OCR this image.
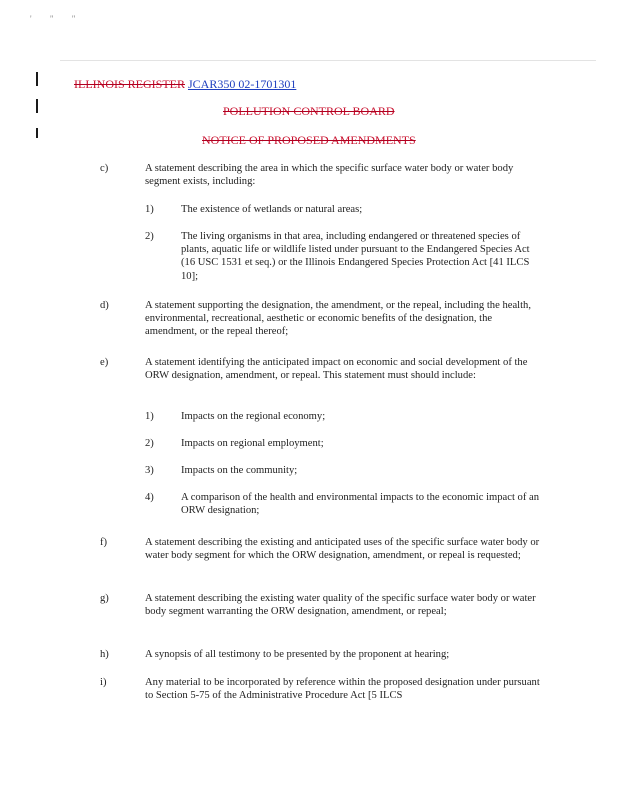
' " "
ILLINOIS REGISTER JCAR350 02-1701301
POLLUTION CONTROL BOARD
NOTICE OF PROPOSED AMENDMENTS
c)	A statement describing the area in which the specific surface water body or water body segment exists, including:
1)	The existence of wetlands or natural areas;
2)	The living organisms in that area, including endangered or threatened species of plants, aquatic life or wildlife listed under pursuant to the Endangered Species Act (16 USC 1531 et seq.) or the Illinois Endangered Species Protection Act [41 ILCS 10];
d)	A statement supporting the designation, the amendment, or the repeal, including the health, environmental, recreational, aesthetic or economic benefits of the designation, the amendment, or the repeal thereof;
e)	A statement identifying the anticipated impact on economic and social development of the ORW designation, amendment, or repeal. This statement must should include:
1)	Impacts on the regional economy;
2)	Impacts on regional employment;
3)	Impacts on the community;
4)	A comparison of the health and environmental impacts to the economic impact of an ORW designation;
f)	A statement describing the existing and anticipated uses of the specific surface water body or water body segment for which the ORW designation, amendment, or repeal is requested;
g)	A statement describing the existing water quality of the specific surface water body or water body segment warranting the ORW designation, amendment, or repeal;
h)	A synopsis of all testimony to be presented by the proponent at hearing;
i)	Any material to be incorporated by reference within the proposed designation under pursuant to Section 5-75 of the Administrative Procedure Act [5 ILCS
